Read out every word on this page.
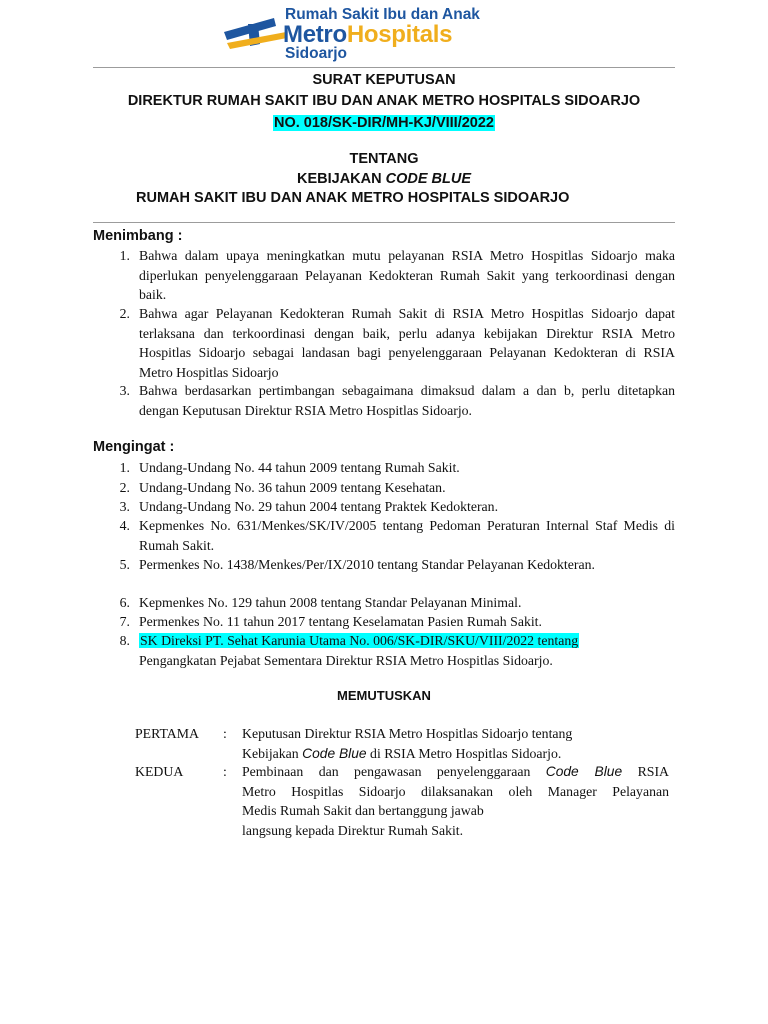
Rumah Sakit Ibu dan Anak
MetroHospitals
Sidoarjo
SURAT KEPUTUSAN
DIREKTUR RUMAH SAKIT IBU DAN ANAK METRO HOSPITALS SIDOARJO
NO. 018/SK-DIR/MH-KJ/VIII/2022
TENTANG
KEBIJAKAN CODE BLUE
RUMAH SAKIT IBU DAN ANAK METRO HOSPITALS SIDOARJO
Menimbang :
1. Bahwa dalam upaya meningkatkan mutu pelayanan RSIA Metro Hospitlas Sidoarjo maka diperlukan penyelenggaraan Pelayanan Kedokteran Rumah Sakit yang terkoordinasi dengan baik.
2. Bahwa agar Pelayanan Kedokteran Rumah Sakit di RSIA Metro Hospitlas Sidoarjo dapat terlaksana dan terkoordinasi dengan baik, perlu adanya kebijakan Direktur RSIA Metro Hospitlas Sidoarjo sebagai landasan bagi penyelenggaraan Pelayanan Kedokteran di RSIA Metro Hospitlas Sidoarjo
3. Bahwa berdasarkan pertimbangan sebagaimana dimaksud dalam a dan b, perlu ditetapkan dengan Keputusan Direktur RSIA Metro Hospitlas Sidoarjo.
Mengingat :
1. Undang-Undang No. 44 tahun 2009 tentang Rumah Sakit.
2. Undang-Undang No. 36 tahun 2009 tentang Kesehatan.
3. Undang-Undang No. 29 tahun 2004 tentang Praktek Kedokteran.
4. Kepmenkes No. 631/Menkes/SK/IV/2005 tentang Pedoman Peraturan Internal Staf Medis di Rumah Sakit.
5. Permenkes No. 1438/Menkes/Per/IX/2010 tentang Standar Pelayanan Kedokteran.
6. Kepmenkes No. 129 tahun 2008 tentang Standar Pelayanan Minimal.
7. Permenkes No. 11 tahun 2017 tentang Keselamatan Pasien Rumah Sakit.
8. SK Direksi PT. Sehat Karunia Utama No. 006/SK-DIR/SKU/VIII/2022 tentang
Pengangkatan Pejabat Sementara Direktur RSIA Metro Hospitlas Sidoarjo.
MEMUTUSKAN
PERTAMA : Keputusan Direktur RSIA Metro Hospitlas Sidoarjo tentang
Kebijakan Code Blue di RSIA Metro Hospitlas Sidoarjo.
KEDUA	: Pembinaan dan pengawasan penyelenggaraan Code Blue RSIA
Metro Hospitlas Sidoarjo dilaksanakan oleh Manager Pelayanan
Medis Rumah Sakit dan bertanggung jawab
langsung kepada Direktur Rumah Sakit.
